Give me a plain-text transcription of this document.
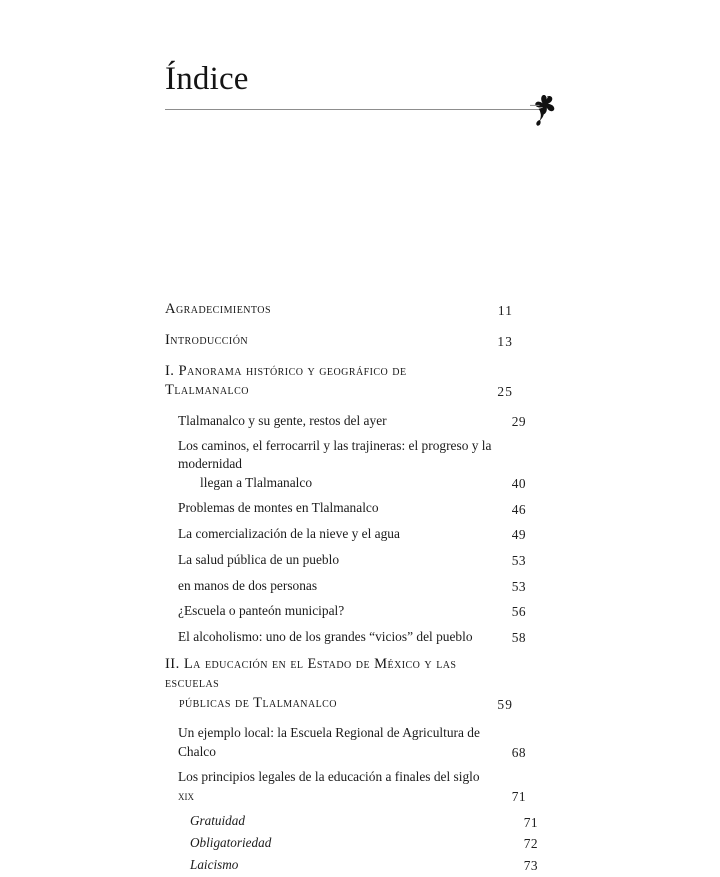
Índice
Agradecimientos	11
Introducción	13
I. Panorama histórico y geográfico de Tlalmanalco	25
Tlalmanalco y su gente, restos del ayer	29
Los caminos, el ferrocarril y las trajineras: el progreso y la modernidad
llegan a Tlalmanalco	40
Problemas de montes en Tlalmanalco	46
La comercialización de la nieve y el agua	49
La salud pública de un pueblo	53
en manos de dos personas	53
¿Escuela o panteón municipal?	56
El alcoholismo: uno de los grandes “vicios” del pueblo	58
II. La educación en el Estado de México y las escuelas
públicas de Tlalmanalco	59
Un ejemplo local: la Escuela Regional de Agricultura de Chalco	68
Los principios legales de la educación a finales del siglo xix	71
Gratuidad	71
Obligatoriedad	72
Laicismo	73
